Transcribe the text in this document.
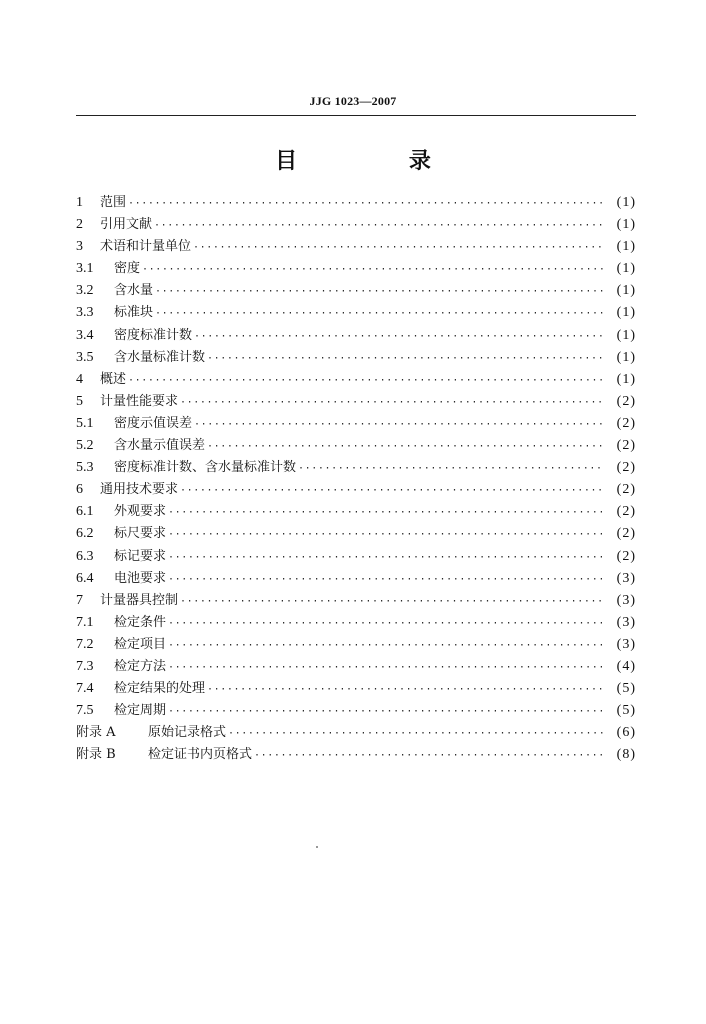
JJG 1023—2007
目 录
1	范围 ·····	(1)
2	引用文献 ·····	(1)
3	术语和计量单位 ·····	(1)
3.1	密度 ·····	(1)
3.2	含水量 ·····	(1)
3.3	标准块 ·····	(1)
3.4	密度标准计数 ·····	(1)
3.5	含水量标准计数 ·····	(1)
4	概述 ·····	(1)
5	计量性能要求 ·····	(2)
5.1	密度示值误差 ·····	(2)
5.2	含水量示值误差 ·····	(2)
5.3	密度标准计数、含水量标准计数 ·····	(2)
6	通用技术要求 ·····	(2)
6.1	外观要求 ·····	(2)
6.2	标尺要求 ·····	(2)
6.3	标记要求 ·····	(2)
6.4	电池要求 ·····	(3)
7	计量器具控制 ·····	(3)
7.1	检定条件 ·····	(3)
7.2	检定项目 ·····	(3)
7.3	检定方法 ·····	(4)
7.4	检定结果的处理 ·····	(5)
7.5	检定周期 ·····	(5)
附录 A	原始记录格式 ·····	(6)
附录 B	检定证书内页格式 ·····	(8)
